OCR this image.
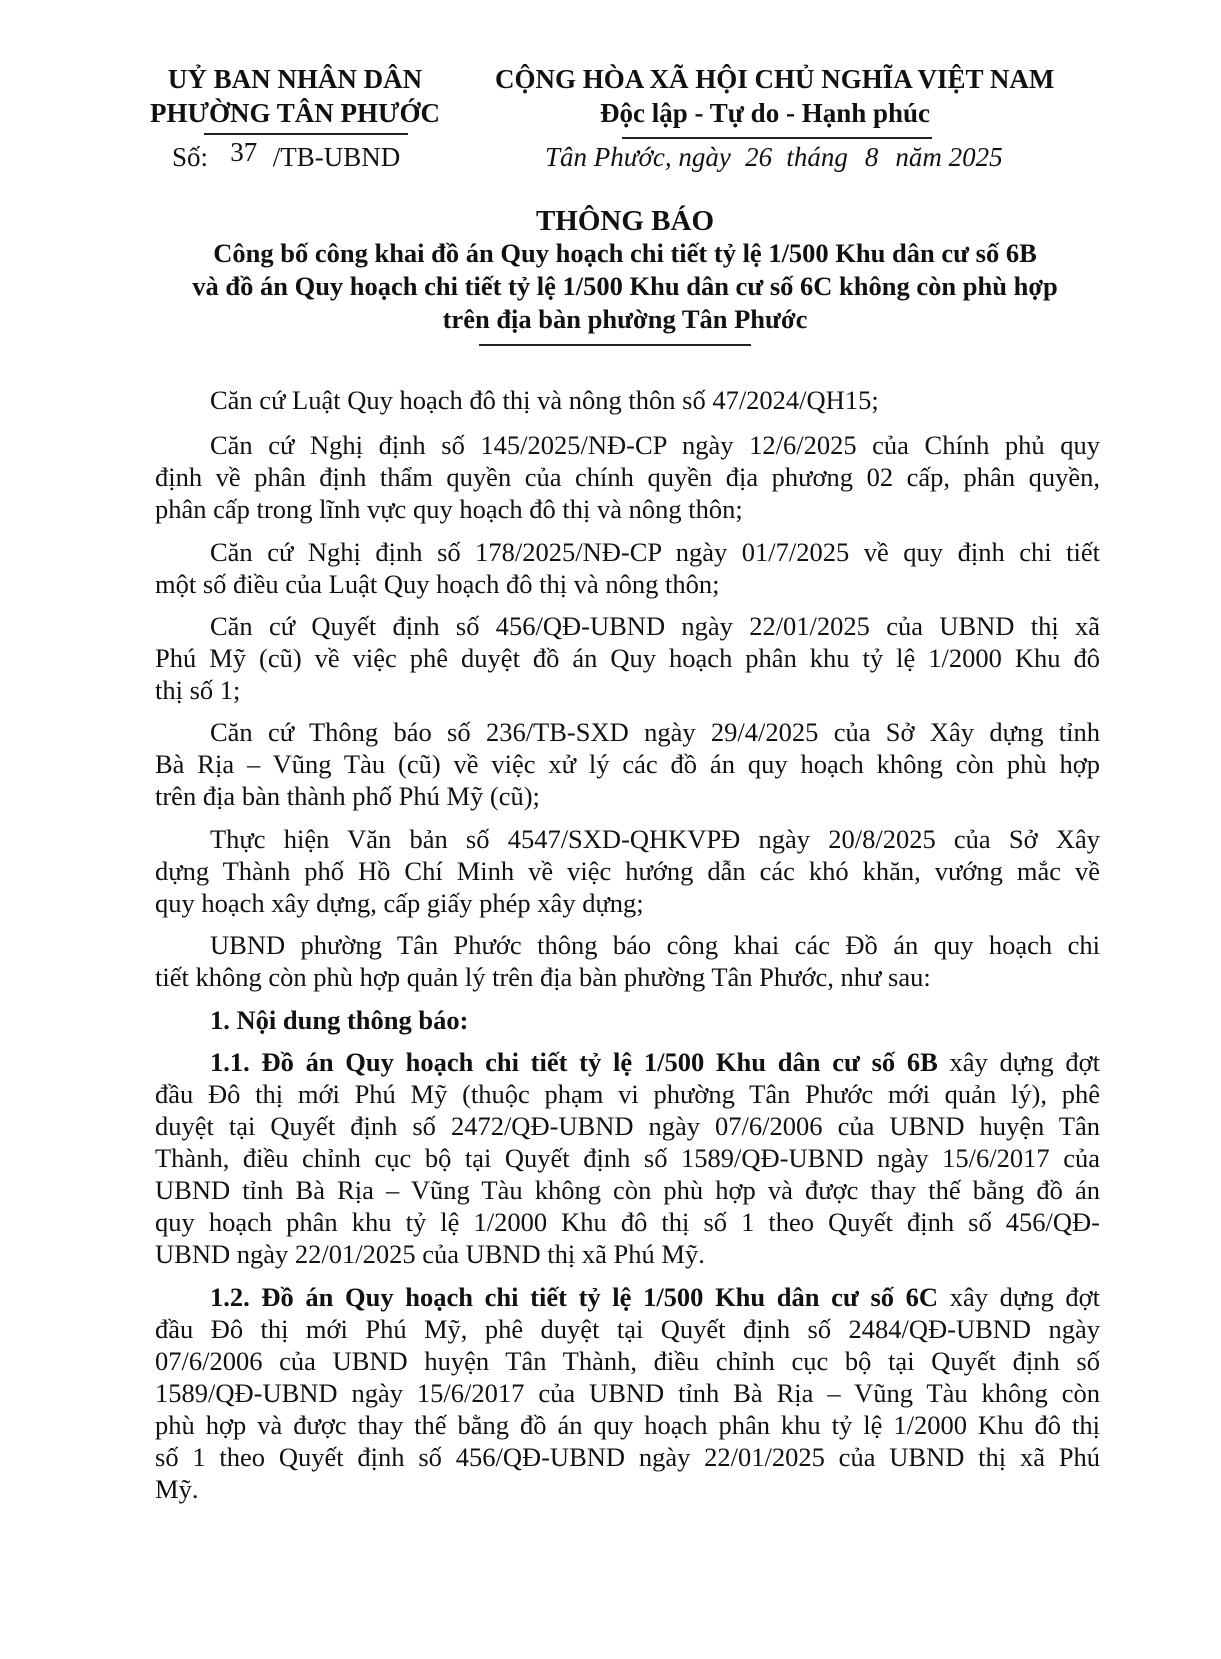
UỶ BAN NHÂN DÂN
PHƯỜNG TÂN PHƯỚC
CỘNG HÒA XÃ HỘI CHỦ NGHĨA VIỆT NAM
Độc lập - Tự do - Hạnh phúc
Số: 37 /TB-UBND	Tân Phước, ngày 26 tháng 8 năm 2025
THÔNG BÁO
Công bố công khai đồ án Quy hoạch chi tiết tỷ lệ 1/500 Khu dân cư số 6B
và đồ án Quy hoạch chi tiết tỷ lệ 1/500 Khu dân cư số 6C không còn phù hợp
trên địa bàn phường Tân Phước
Căn cứ Luật Quy hoạch đô thị và nông thôn số 47/2024/QH15;
Căn cứ Nghị định số 145/2025/NĐ-CP ngày 12/6/2025 của Chính phủ quy
định về phân định thẩm quyền của chính quyền địa phương 02 cấp, phân quyền,
phân cấp trong lĩnh vực quy hoạch đô thị và nông thôn;
Căn cứ Nghị định số 178/2025/NĐ-CP ngày 01/7/2025 về quy định chi tiết
một số điều của Luật Quy hoạch đô thị và nông thôn;
Căn cứ Quyết định số 456/QĐ-UBND ngày 22/01/2025 của UBND thị xã
Phú Mỹ (cũ) về việc phê duyệt đồ án Quy hoạch phân khu tỷ lệ 1/2000 Khu đô
thị số 1;
Căn cứ Thông báo số 236/TB-SXD ngày 29/4/2025 của Sở Xây dựng tỉnh
Bà Rịa – Vũng Tàu (cũ) về việc xử lý các đồ án quy hoạch không còn phù hợp
trên địa bàn thành phố Phú Mỹ (cũ);
Thực hiện Văn bản số 4547/SXD-QHKVPĐ ngày 20/8/2025 của Sở Xây
dựng Thành phố Hồ Chí Minh về việc hướng dẫn các khó khăn, vướng mắc về
quy hoạch xây dựng, cấp giấy phép xây dựng;
UBND phường Tân Phước thông báo công khai các Đồ án quy hoạch chi
tiết không còn phù hợp quản lý trên địa bàn phường Tân Phước, như sau:
1. Nội dung thông báo:
1.1. Đồ án Quy hoạch chi tiết tỷ lệ 1/500 Khu dân cư số 6B xây dựng đợt
đầu Đô thị mới Phú Mỹ (thuộc phạm vi phường Tân Phước mới quản lý), phê
duyệt tại Quyết định số 2472/QĐ-UBND ngày 07/6/2006 của UBND huyện Tân
Thành, điều chỉnh cục bộ tại Quyết định số 1589/QĐ-UBND ngày 15/6/2017 của
UBND tỉnh Bà Rịa – Vũng Tàu không còn phù hợp và được thay thế bằng đồ án
quy hoạch phân khu tỷ lệ 1/2000 Khu đô thị số 1 theo Quyết định số 456/QĐ-
UBND ngày 22/01/2025 của UBND thị xã Phú Mỹ.
1.2. Đồ án Quy hoạch chi tiết tỷ lệ 1/500 Khu dân cư số 6C xây dựng đợt
đầu Đô thị mới Phú Mỹ, phê duyệt tại Quyết định số 2484/QĐ-UBND ngày
07/6/2006 của UBND huyện Tân Thành, điều chỉnh cục bộ tại Quyết định số
1589/QĐ-UBND ngày 15/6/2017 của UBND tỉnh Bà Rịa – Vũng Tàu không còn
phù hợp và được thay thế bằng đồ án quy hoạch phân khu tỷ lệ 1/2000 Khu đô thị
số 1 theo Quyết định số 456/QĐ-UBND ngày 22/01/2025 của UBND thị xã Phú
Mỹ.
